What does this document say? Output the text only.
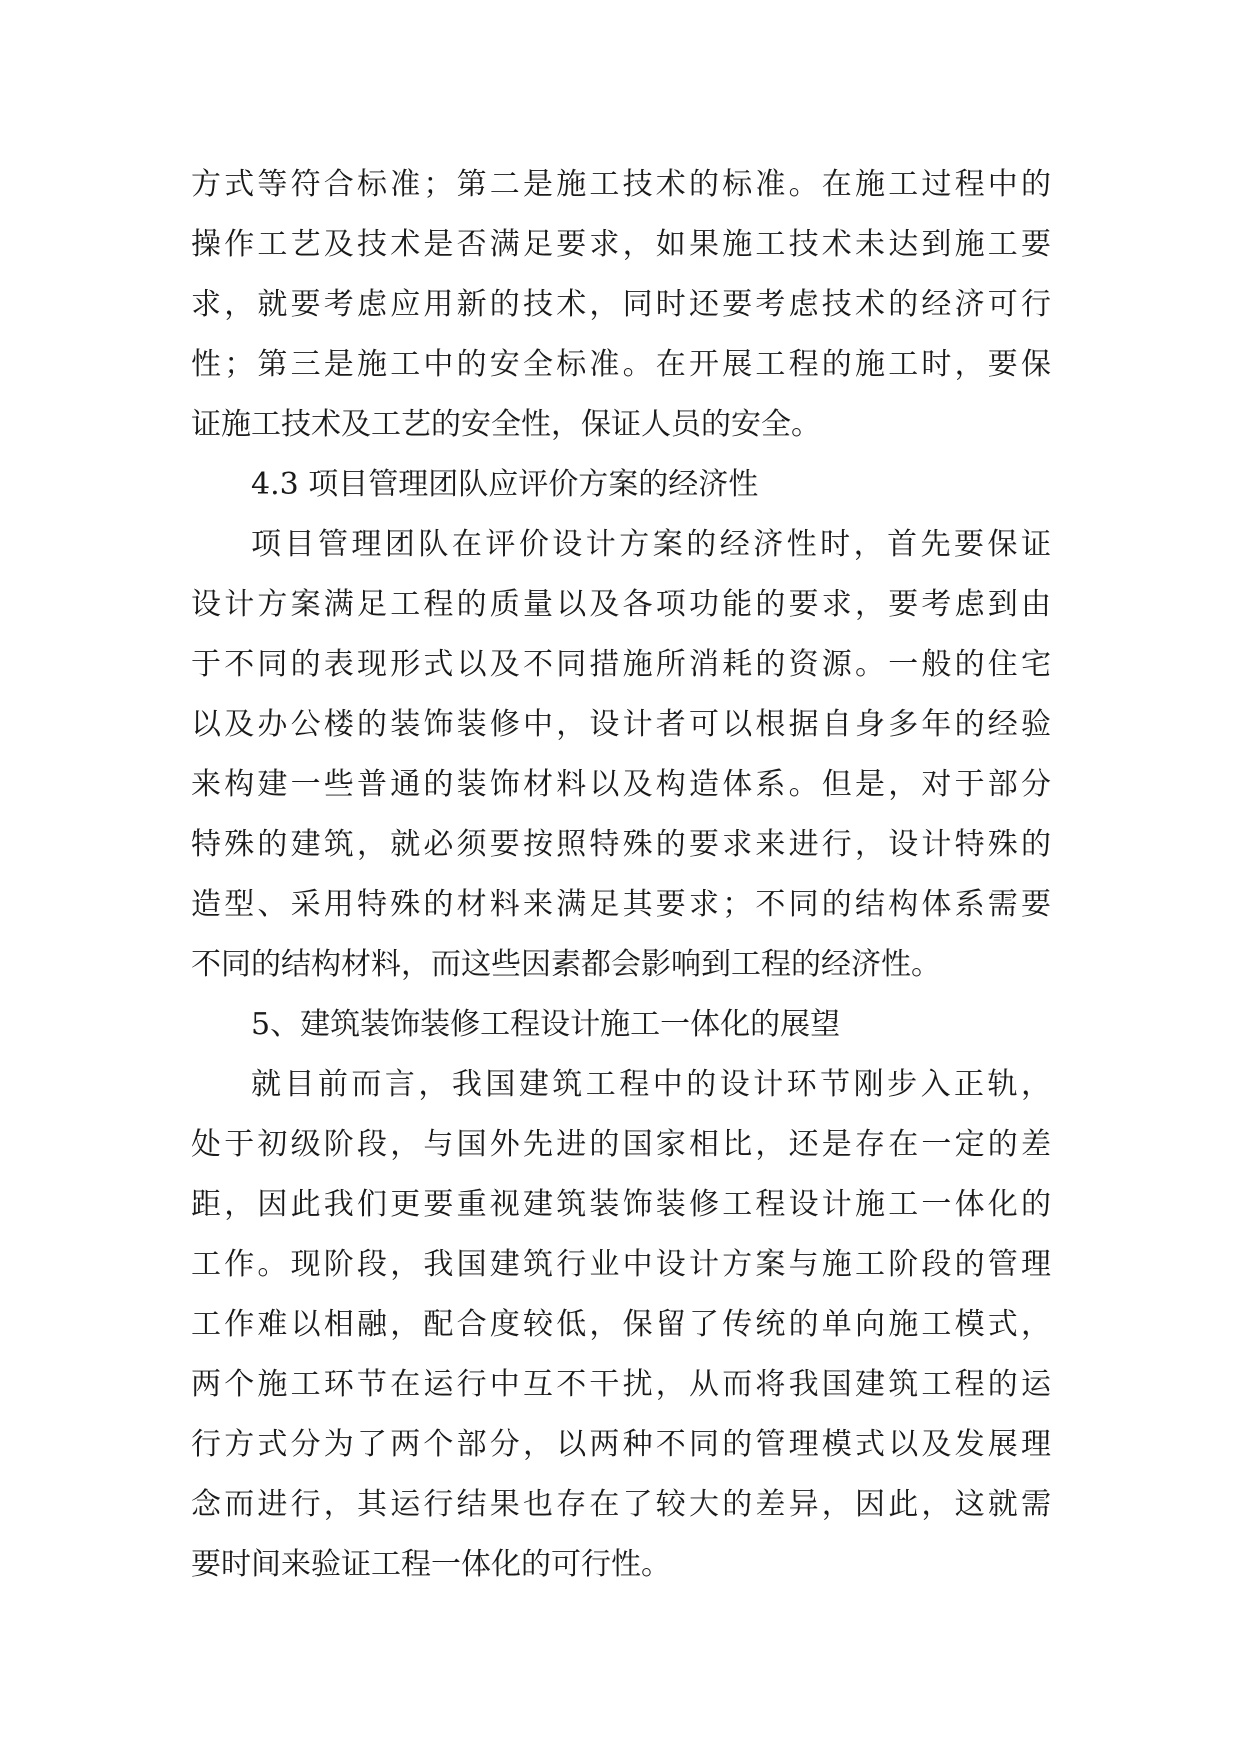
方式等符合标准；第二是施工技术的标准。在施工过程中的
操作工艺及技术是否满足要求，如果施工技术未达到施工要
求，就要考虑应用新的技术，同时还要考虑技术的经济可行
性；第三是施工中的安全标准。在开展工程的施工时，要保
证施工技术及工艺的安全性，保证人员的安全。
4.3 项目管理团队应评价方案的经济性
项目管理团队在评价设计方案的经济性时，首先要保证
设计方案满足工程的质量以及各项功能的要求，要考虑到由
于不同的表现形式以及不同措施所消耗的资源。一般的住宅
以及办公楼的装饰装修中，设计者可以根据自身多年的经验
来构建一些普通的装饰材料以及构造体系。但是，对于部分
特殊的建筑，就必须要按照特殊的要求来进行，设计特殊的
造型、采用特殊的材料来满足其要求；不同的结构体系需要
不同的结构材料，而这些因素都会影响到工程的经济性。
5、建筑装饰装修工程设计施工一体化的展望
就目前而言，我国建筑工程中的设计环节刚步入正轨，
处于初级阶段，与国外先进的国家相比，还是存在一定的差
距，因此我们更要重视建筑装饰装修工程设计施工一体化的
工作。现阶段，我国建筑行业中设计方案与施工阶段的管理
工作难以相融，配合度较低，保留了传统的单向施工模式，
两个施工环节在运行中互不干扰，从而将我国建筑工程的运
行方式分为了两个部分，以两种不同的管理模式以及发展理
念而进行，其运行结果也存在了较大的差异，因此，这就需
要时间来验证工程一体化的可行性。
